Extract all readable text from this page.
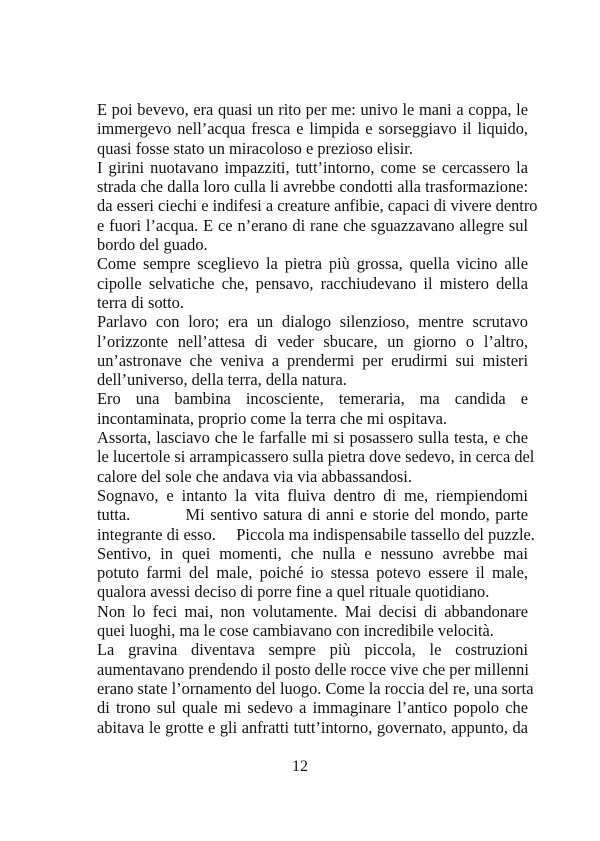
E poi bevevo, era quasi un rito per me: univo le mani a coppa, le
immergevo nell’acqua fresca e limpida e sorseggiavo il liquido,
quasi fosse stato un miracoloso e prezioso elisir.

I girini nuotavano impazziti, tutt’intorno, come se cercassero la
strada che dalla loro culla li avrebbe condotti alla trasformazione:
da esseri ciechi e indifesi a creature anfibie, capaci di vivere dentro
e fuori l’acqua. E ce n’erano di rane che sguazzavano allegre sul
bordo del guado.

Come sempre sceglievo la pietra più grossa, quella vicino alle
cipolle selvatiche che, pensavo, racchiudevano il mistero della
terra di sotto.

Parlavo con loro; era un dialogo silenzioso, mentre scrutavo
l’orizzonte nell’attesa di veder sbucare, un giorno o l’altro,
un’astronave che veniva a prendermi per erudirmi sui misteri
dell’universo, della terra, della natura.

Ero una bambina incosciente, temeraria, ma candida e
incontaminata, proprio come la terra che mi ospitava.

Assorta, lasciavo che le farfalle mi si posassero sulla testa, e che
le lucertole si arrampicassero sulla pietra dove sedevo, in cerca del
calore del sole che andava via via abbassandosi.

Sognavo, e intanto la vita fluiva dentro di me, riempiendomi
tutta.          Mi sentivo satura di anni e storie del mondo, parte
integrante di esso.     Piccola ma indispensabile tassello del puzzle.

Sentivo, in quei momenti, che nulla e nessuno avrebbe mai
potuto farmi del male, poiché io stessa potevo essere il male,
qualora avessi deciso di porre fine a quel rituale quotidiano.

Non lo feci mai, non volutamente. Mai decisi di abbandonare
quei luoghi, ma le cose cambiavano con incredibile velocità.

La gravina diventava sempre più piccola, le costruzioni
aumentavano prendendo il posto delle rocce vive che per millenni
erano state l’ornamento del luogo. Come la roccia del re, una sorta
di trono sul quale mi sedevo a immaginare l’antico popolo che
abitava le grotte e gli anfratti tutt’intorno, governato, appunto, da

12
